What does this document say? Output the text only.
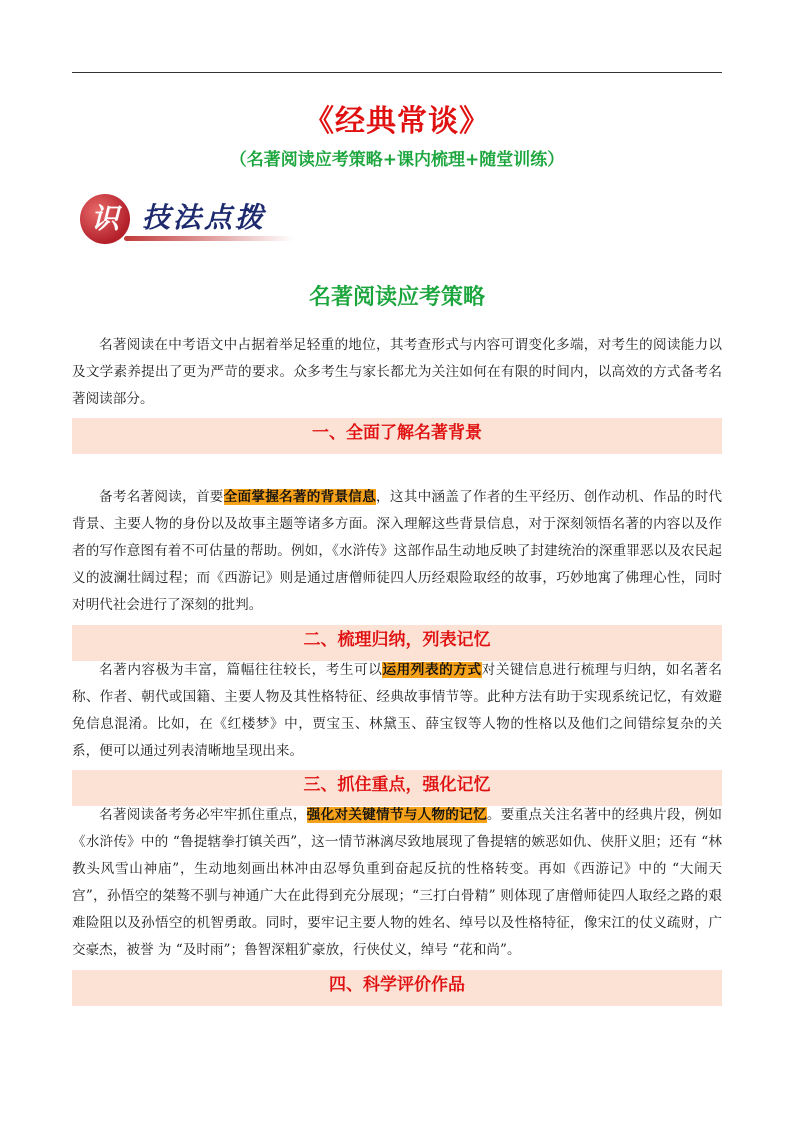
《经典常谈》
（名著阅读应考策略+课内梳理+随堂训练）
识 技法点拨
名著阅读应考策略

名著阅读在中考语文中占据着举足轻重的地位，其考查形式与内容可谓变化多端，对考生的阅读能力以及文学素养提出了更为严苛的要求。众多考生与家长都尤为关注如何在有限的时间内，以高效的方式备考名著阅读部分。

一、全面了解名著背景

备考名著阅读，首要全面掌握名著的背景信息，这其中涵盖了作者的生平经历、创作动机、作品的时代背景、主要人物的身份以及故事主题等诸多方面。深入理解这些背景信息，对于深刻领悟名著的内容以及作者的写作意图有着不可估量的帮助。例如，《水浒传》这部作品生动地反映了封建统治的深重罪恶以及农民起义的波澜壮阔过程；而《西游记》则是通过唐僧师徒四人历经艰险取经的故事，巧妙地寓了佛理心性，同时对明代社会进行了深刻的批判。

二、梳理归纳，列表记忆

名著内容极为丰富，篇幅往往较长，考生可以运用列表的方式对关键信息进行梳理与归纳，如名著名称、作者、朝代或国籍、主要人物及其性格特征、经典故事情节等。此种方法有助于实现系统记忆，有效避免信息混淆。比如，在《红楼梦》中，贾宝玉、林黛玉、薛宝钗等人物的性格以及他们之间错综复杂的关系，便可以通过列表清晰地呈现出来。

三、抓住重点，强化记忆

名著阅读备考务必牢牢抓住重点，强化对关键情节与人物的记忆。要重点关注名著中的经典片段，例如《水浒传》中的 “鲁提辖拳打镇关西”，这一情节淋漓尽致地展现了鲁提辖的嫉恶如仇、侠肝义胆；还有 “林教头风雪山神庙”，生动地刻画出林冲由忍辱负重到奋起反抗的性格转变。再如《西游记》中的 “大闹天宫”，孙悟空的桀骜不驯与神通广大在此得到充分展现；“三打白骨精” 则体现了唐僧师徒四人取经之路的艰难险阻以及孙悟空的机智勇敢。同时，要牢记主要人物的姓名、绰号以及性格特征，像宋江的仗义疏财，广交豪杰，被誉 为 “及时雨”；鲁智深粗犷豪放，行侠仗义，绰号 “花和尚”。

四、科学评价作品
